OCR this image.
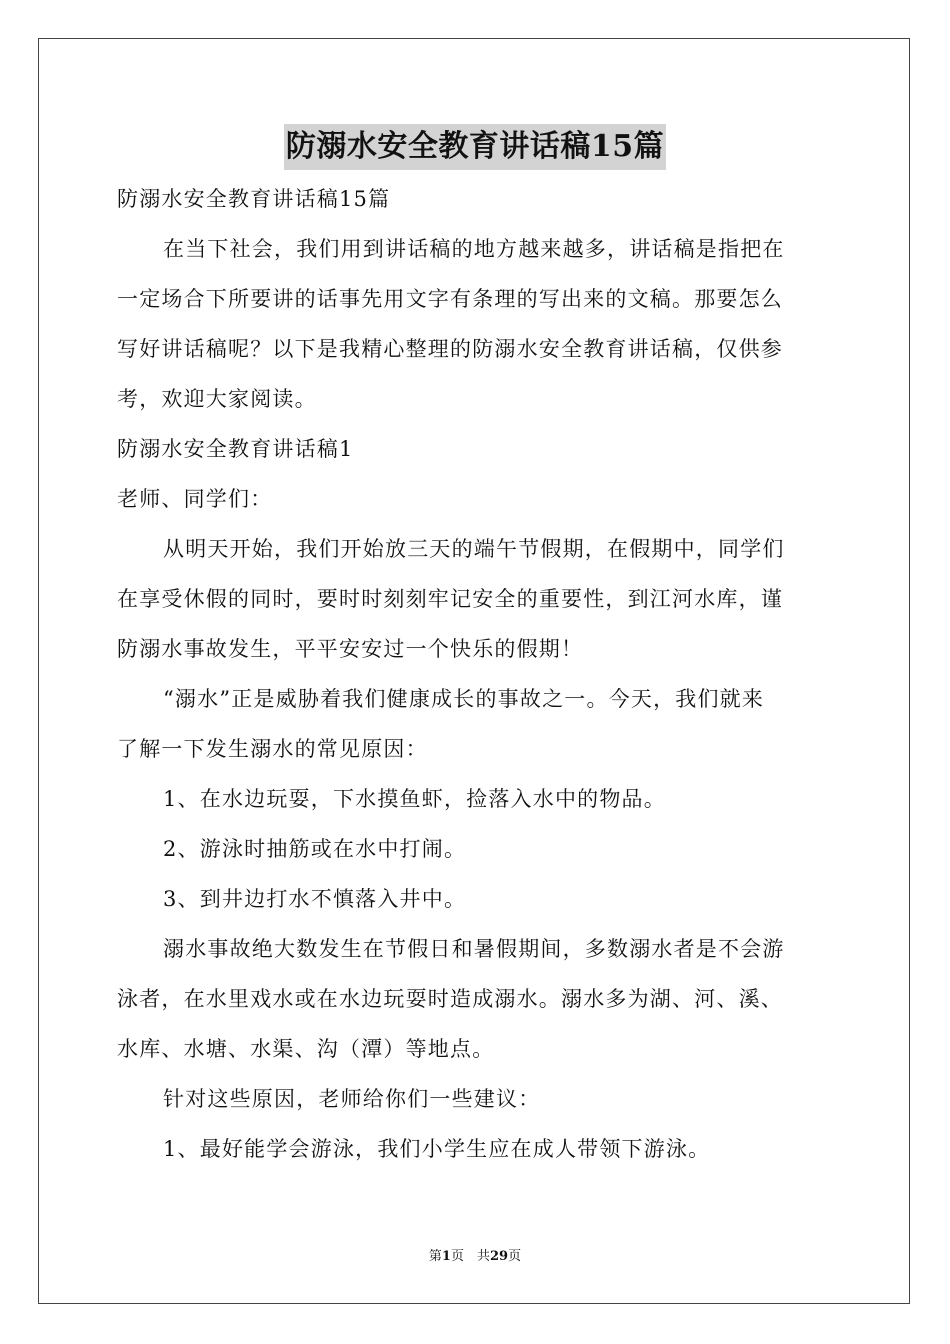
防溺水安全教育讲话稿15篇
防溺水安全教育讲话稿15篇
在当下社会，我们用到讲话稿的地方越来越多，讲话稿是指把在
一定场合下所要讲的话事先用文字有条理的写出来的文稿。那要怎么
写好讲话稿呢？以下是我精心整理的防溺水安全教育讲话稿，仅供参
考，欢迎大家阅读。
防溺水安全教育讲话稿1
老师、同学们：
从明天开始，我们开始放三天的端午节假期，在假期中，同学们
在享受休假的同时，要时时刻刻牢记安全的重要性，到江河水库，谨
防溺水事故发生，平平安安过一个快乐的假期！
“溺水”正是威胁着我们健康成长的事故之一。今天，我们就来
了解一下发生溺水的常见原因：
1、在水边玩耍，下水摸鱼虾，捡落入水中的物品。
2、游泳时抽筋或在水中打闹。
3、到井边打水不慎落入井中。
溺水事故绝大数发生在节假日和暑假期间，多数溺水者是不会游
泳者，在水里戏水或在水边玩耍时造成溺水。溺水多为湖、河、溪、
水库、水塘、水渠、沟（潭）等地点。
针对这些原因，老师给你们一些建议：
1、最好能学会游泳，我们小学生应在成人带领下游泳。
第1页　共29页
